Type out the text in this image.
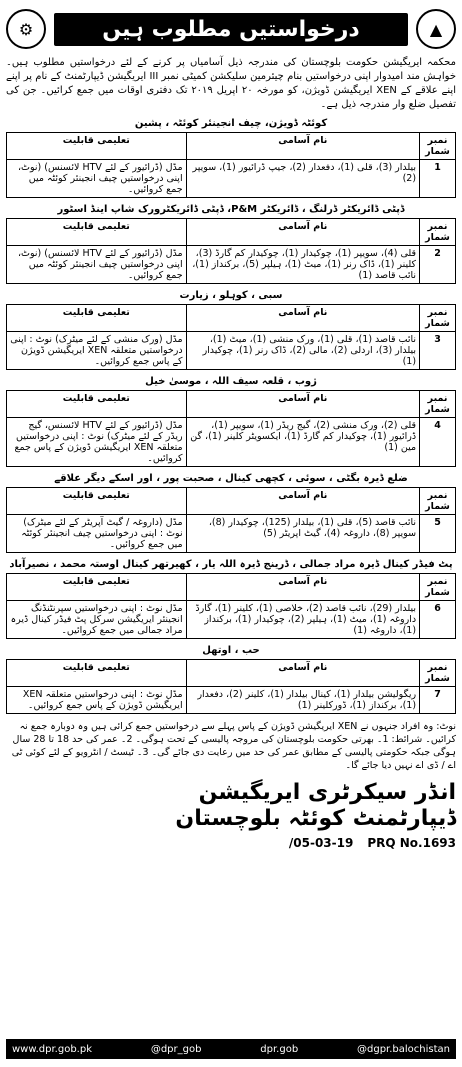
⚙	درخواستیں مطلوب ہیں	▲
محکمہ ایریگیشن حکومت بلوچستان کی مندرجہ ذیل آسامیاں پر کرنے کے لئے درخواستیں مطلوب ہیں۔ خواہش مند امیدوار اپنی درخواستیں بنام چیئرمین سلیکشن کمیٹی نمبر III ایریگیشن ڈیپارٹمنٹ کے نام پر اپنے اپنے علاقے کے XEN ایریگیشن ڈویژن، کو مورخہ ۲۰ اپریل ۲۰۱۹ تک دفتری اوقات میں جمع کرائیں۔ جن کی تفصیل ضلع وار مندرجہ ذیل ہے۔
کوئٹہ ڈویژن، چیف انجینئر کوئٹہ ، پشین
نمبر شمار	نام آسامی	تعلیمی قابلیت
1	بیلدار (3)، قلی (1)، دفعدار (2)، جیپ ڈرائیور (1)، سویپر (2)	مڈل (ڈرائیور کے لئے HTV لائسنس) (نوٹ، اپنی درخواستیں چیف انجینئر کوئٹہ میں جمع کروائیں۔
ڈپٹی ڈائریکٹر ڈرلنگ ، ڈائریکٹر P&M، ڈپٹی ڈائریکٹرورک شاپ اینڈ اسٹور
نمبر شمار	نام آسامی	تعلیمی قابلیت
2	قلی (4)، سویپر (1)، چوکیدار (1)، چوکیدار کم گارڈ (3)، کلینر (1)، ڈاک رنر (1)، میٹ (1)، ہیلپر (5)، برکنداز (1)، نائب قاصد (1)	مڈل (ڈرائیور کے لئے HTV لائسنس) (نوٹ، اپنی درخواستیں چیف انجینئر کوئٹہ میں جمع کروائیں۔
سبی ، کوہلو ، زیارت
نمبر شمار	نام آسامی	تعلیمی قابلیت
3	نائب قاصد (1)، قلی (1)، ورک منشی (1)، میٹ (1)، بیلدار (3)، اردلی (2)، مالی (2)، ڈاک رنر (1)، چوکیدار (1)	مڈل (ورک منشی کے لئے میٹرک) نوٹ : اپنی درخواستیں متعلقہ XEN ایریگیشن ڈویژن کے پاس جمع کروائیں۔
ژوب ، قلعہ سیف اللہ ، موسیٰ خیل
نمبر شمار	نام آسامی	تعلیمی قابلیت
4	قلی (2)، ورک منشی (2)، گیج ریڈر (1)، سویپر (1)، ڈرائیور (1)، چوکیدار کم گارڈ (1)، ایکسویٹر کلینر (1)، گن مین (1)	مڈل (ڈرائیور کے لئے HTV لائسنس، گیج ریڈر کے لئے میٹرک) نوٹ : اپنی درخواستیں متعلقہ XEN ایریگیشن ڈویژن کے پاس جمع کروائیں۔
ضلع ڈیرہ بگٹی ، سوئی ، کچھی کینال ، صحبت پور ، اور اسکے دیگر علاقے
نمبر شمار	نام آسامی	تعلیمی قابلیت
5	نائب قاصد (5)، قلی (1)، بیلدار (125)، چوکیدار (8)، سویپر (8)، داروغہ (4)، گیٹ اپریٹر (5)	مڈل (داروغہ / گیٹ آپریٹر کے لئے میٹرک) نوٹ : اپنی درخواستیں چیف انجینئر کوئٹہ میں جمع کروائیں۔
پٹ فیڈر کینال ڈیرہ مراد جمالی ، ڈرینج ڈیرہ اللہ یار ، کھیرتھر کینال اوستہ محمد ، نصیرآباد
نمبر شمار	نام آسامی	تعلیمی قابلیت
6	بیلدار (29)، نائب قاصد (2)، خلاصی (1)، کلینر (1)، گارڈ داروغہ (1)، میٹ (1)، ہیلپر (2)، چوکیدار (1)، برکنداز (1)، داروغہ (1)	مڈل نوٹ : اپنی درخواستیں سپرنٹنڈنگ انجینئر ایریگیشن سرکل پٹ فیڈر کینال ڈیرہ مراد جمالی میں جمع کروائیں۔
حب ، اوتھل
نمبر شمار	نام آسامی	تعلیمی قابلیت
7	ریگولیشن بیلدار (1)، کینال بیلدار (1)، کلینر (2)، دفعدار (1)، برکنداز (1)، ڈورکلینر (1)	مڈل نوٹ : اپنی درخواستیں متعلقہ XEN ایریگیشن ڈویژن کے پاس جمع کروائیں۔
نوٹ: وہ افراد جنہوں نے XEN ایریگیشن ڈویژن کے پاس پہلے سے درخواستیں جمع کرائی ہیں وہ دوبارہ جمع نہ کرائیں۔ شرائط: 1۔ بھرتی حکومت بلوچستان کی مروجہ پالیسی کے تحت ہوگی۔ 2۔ عمر کی حد 18 تا 28 سال ہوگی جبکہ حکومتی پالیسی کے مطابق عمر کی حد میں رعایت دی جائے گی۔ 3۔ ٹیسٹ / انٹرویو کے لئے کوئی ٹی اے / ڈی اے نہیں دیا جائے گا۔
انڈر سیکرٹری ایریگیشن
ڈیپارٹمنٹ کوئٹہ بلوچستان
/05-03-19 PRQ No.1693
www.dpr.gob.pk	@dpr_gob	dpr.gob	@dgpr.balochistan
